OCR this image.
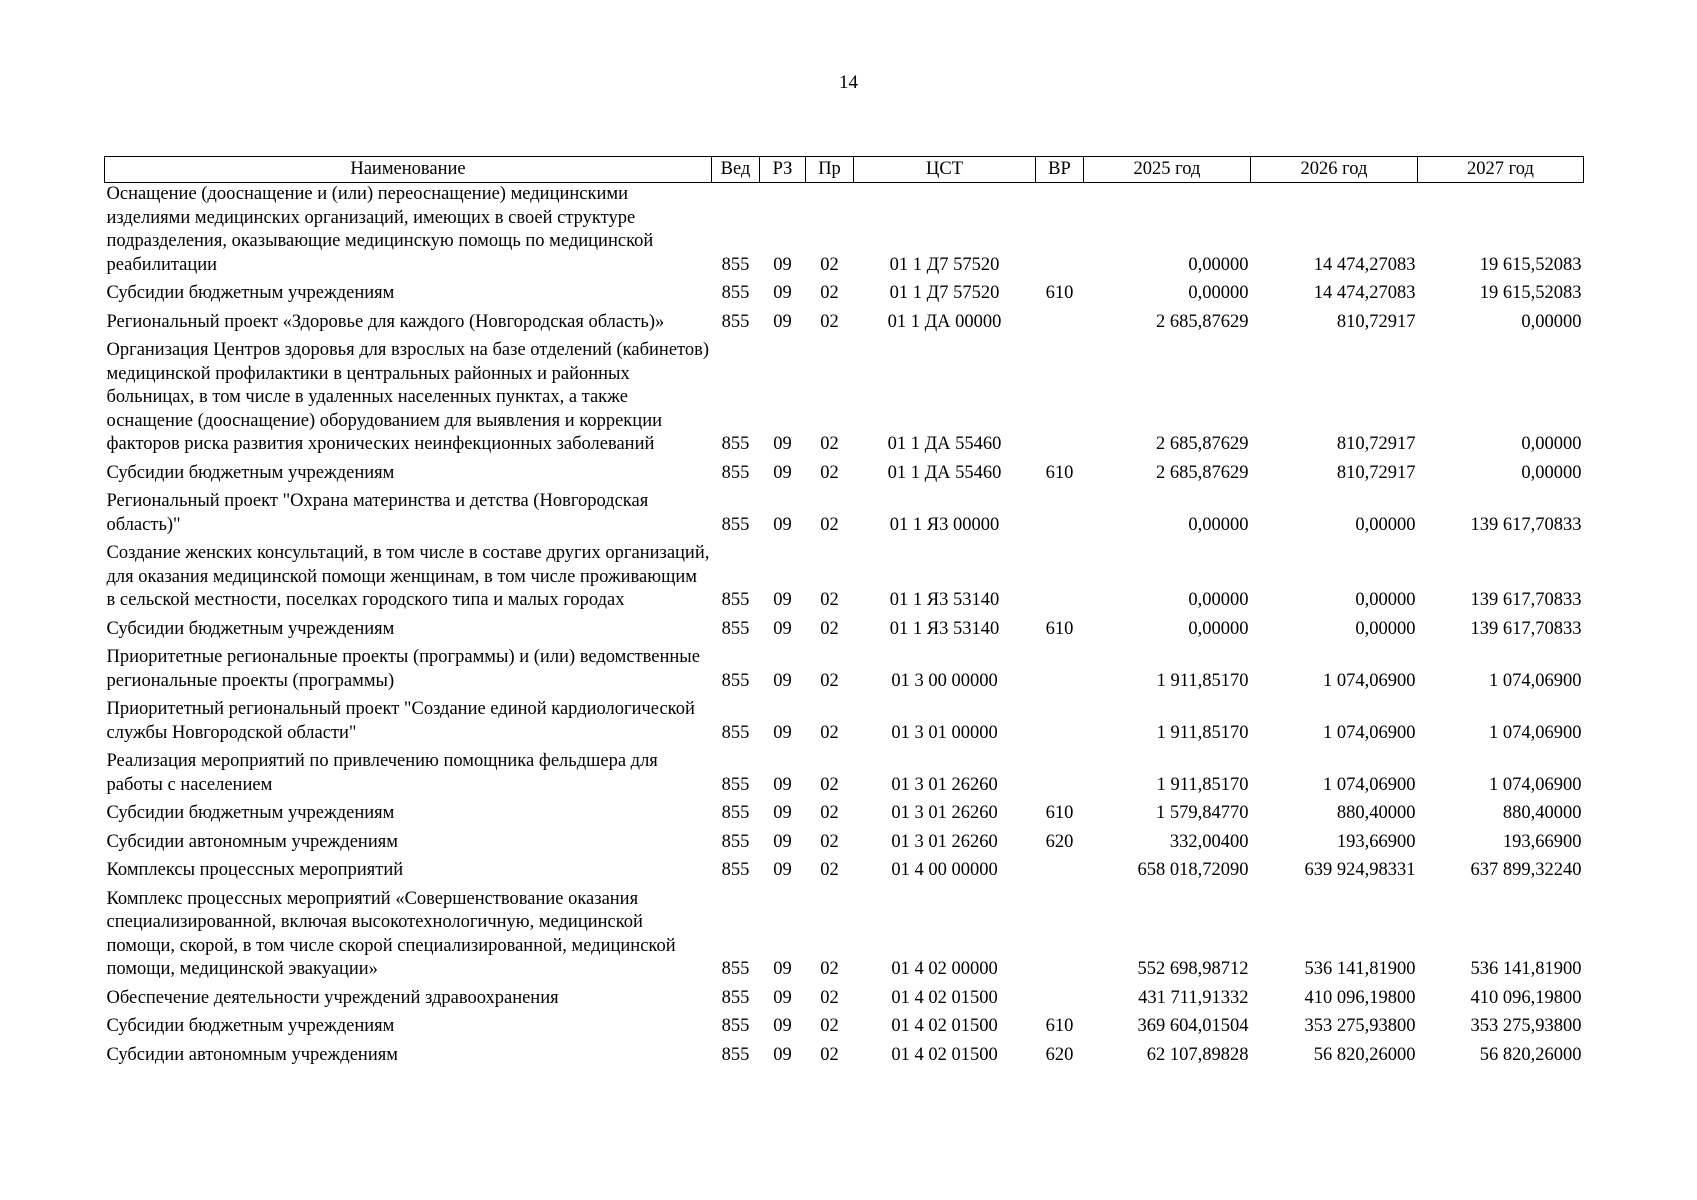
14
Наименование	Вед	РЗ	Пр	ЦСТ	ВР	2025 год	2026 год	2027 год
Оснащение (дооснащение и (или) переоснащение) медицинскими изделиями медицинских организаций, имеющих в своей структуре подразделения, оказывающие медицинскую помощь по медицинской реабилитации	855	09	02	01 1 Д7 57520		0,00000	14 474,27083	19 615,52083
Субсидии бюджетным учреждениям	855	09	02	01 1 Д7 57520	610	0,00000	14 474,27083	19 615,52083
Региональный проект «Здоровье для каждого (Новгородская область)»	855	09	02	01 1 ДА 00000		2 685,87629	810,72917	0,00000
Организация Центров здоровья для взрослых на базе отделений (кабинетов) медицинской профилактики в центральных районных и районных больницах, в том числе в удаленных населенных пунктах, а также оснащение (дооснащение) оборудованием для выявления и коррекции факторов риска развития хронических неинфекционных заболеваний	855	09	02	01 1 ДА 55460		2 685,87629	810,72917	0,00000
Субсидии бюджетным учреждениям	855	09	02	01 1 ДА 55460	610	2 685,87629	810,72917	0,00000
Региональный проект "Охрана материнства и детства (Новгородская область)"	855	09	02	01 1 Я3 00000		0,00000	0,00000	139 617,70833
Создание женских консультаций, в том числе в составе других организаций, для оказания медицинской помощи женщинам, в том числе проживающим в сельской местности, поселках городского типа и малых городах	855	09	02	01 1 Я3 53140		0,00000	0,00000	139 617,70833
Субсидии бюджетным учреждениям	855	09	02	01 1 Я3 53140	610	0,00000	0,00000	139 617,70833
Приоритетные региональные проекты (программы) и (или) ведомственные региональные проекты (программы)	855	09	02	01 3 00 00000		1 911,85170	1 074,06900	1 074,06900
Приоритетный региональный проект "Создание единой кардиологической службы Новгородской области"	855	09	02	01 3 01 00000		1 911,85170	1 074,06900	1 074,06900
Реализация мероприятий по привлечению помощника фельдшера для работы с населением	855	09	02	01 3 01 26260		1 911,85170	1 074,06900	1 074,06900
Субсидии бюджетным учреждениям	855	09	02	01 3 01 26260	610	1 579,84770	880,40000	880,40000
Субсидии автономным учреждениям	855	09	02	01 3 01 26260	620	332,00400	193,66900	193,66900
Комплексы процессных мероприятий	855	09	02	01 4 00 00000		658 018,72090	639 924,98331	637 899,32240
Комплекс процессных мероприятий «Совершенствование оказания специализированной, включая высокотехнологичную, медицинской помощи, скорой, в том числе скорой специализированной, медицинской помощи, медицинской эвакуации»	855	09	02	01 4 02 00000		552 698,98712	536 141,81900	536 141,81900
Обеспечение деятельности учреждений здравоохранения	855	09	02	01 4 02 01500		431 711,91332	410 096,19800	410 096,19800
Субсидии бюджетным учреждениям	855	09	02	01 4 02 01500	610	369 604,01504	353 275,93800	353 275,93800
Субсидии автономным учреждениям	855	09	02	01 4 02 01500	620	62 107,89828	56 820,26000	56 820,26000
